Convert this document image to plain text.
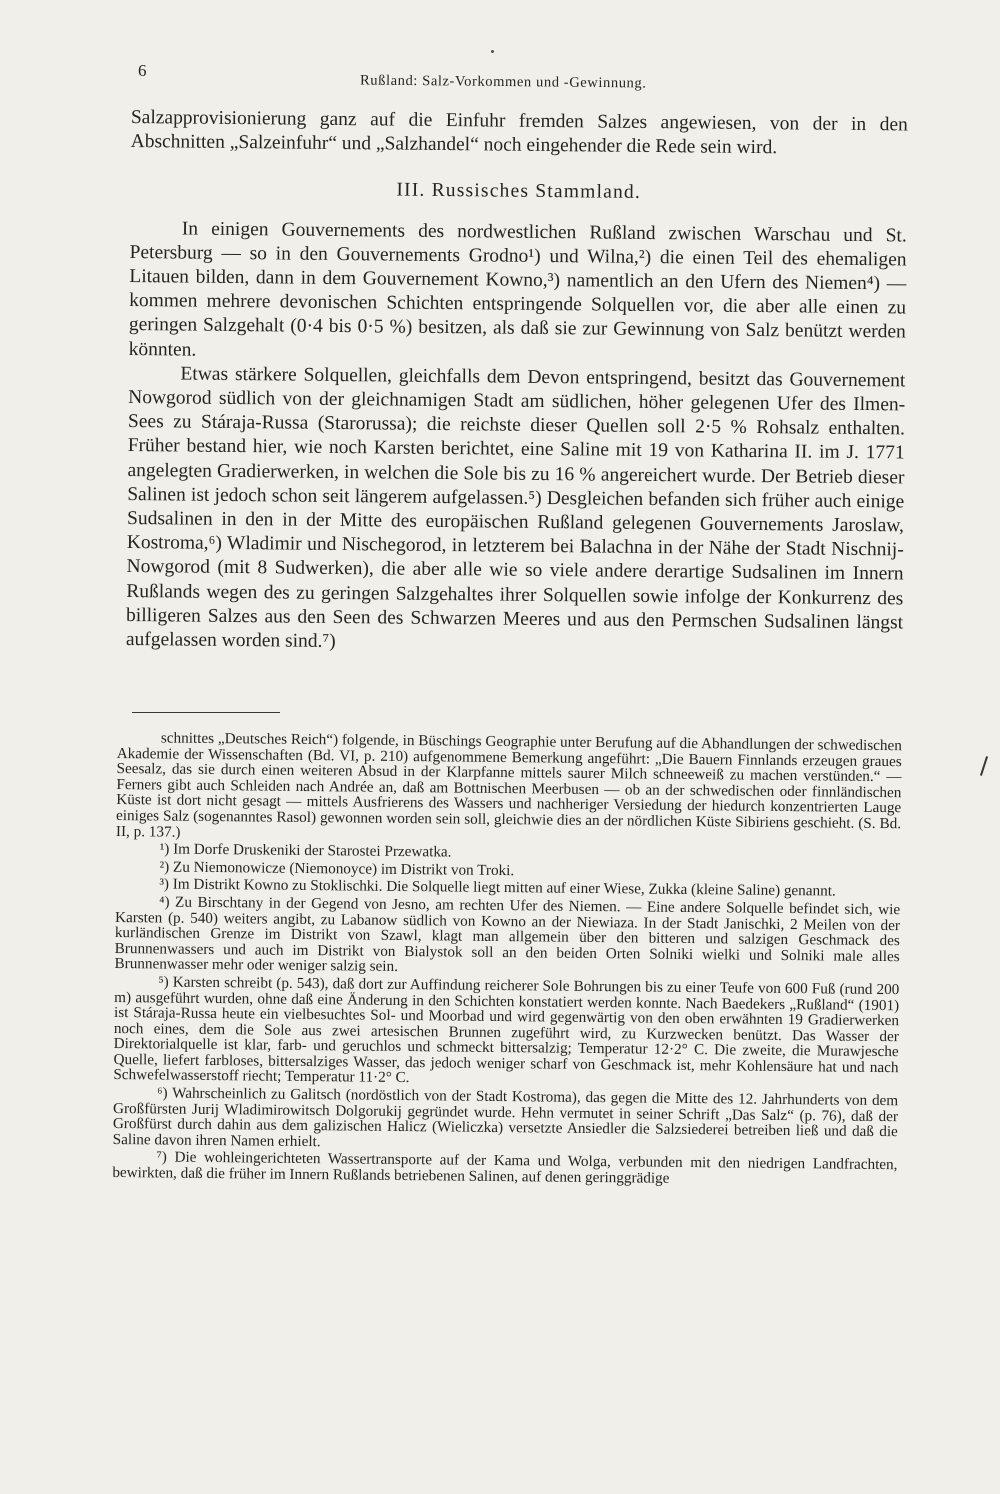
6
Rußland: Salz-Vorkommen und -Gewinnung.

Salzapprovisionierung ganz auf die Einfuhr fremden Salzes angewiesen, von der in den Abschnitten „Salzeinfuhr“ und „Salzhandel“ noch eingehender die Rede sein wird.

III. Russisches Stammland.

In einigen Gouvernements des nordwestlichen Rußland zwischen Warschau und St. Petersburg — so in den Gouvernements Grodno¹) und Wilna,²) die einen Teil des ehemaligen Litauen bilden, dann in dem Gouvernement Kowno,³) namentlich an den Ufern des Niemen⁴) — kommen mehrere devonischen Schichten entspringende Solquellen vor, die aber alle einen zu geringen Salzgehalt (0·4 bis 0·5 %) besitzen, als daß sie zur Gewinnung von Salz benützt werden könnten.

Etwas stärkere Solquellen, gleichfalls dem Devon entspringend, besitzt das Gouvernement Nowgorod südlich von der gleichnamigen Stadt am südlichen, höher gelegenen Ufer des Ilmen-Sees zu Stáraja-Russa (Starorussa); die reichste dieser Quellen soll 2·5 % Rohsalz enthalten. Früher bestand hier, wie noch Karsten berichtet, eine Saline mit 19 von Katharina II. im J. 1771 angelegten Gradierwerken, in welchen die Sole bis zu 16 % angereichert wurde. Der Betrieb dieser Salinen ist jedoch schon seit längerem aufgelassen.⁵) Desgleichen befanden sich früher auch einige Sudsalinen in den in der Mitte des europäischen Rußland gelegenen Gouvernements Jaroslaw, Kostroma,⁶) Wladimir und Nischegorod, in letzterem bei Balachna in der Nähe der Stadt Nischnij-Nowgorod (mit 8 Sudwerken), die aber alle wie so viele andere derartige Sudsalinen im Innern Rußlands wegen des zu geringen Salzgehaltes ihrer Solquellen sowie infolge der Konkurrenz des billigeren Salzes aus den Seen des Schwarzen Meeres und aus den Permschen Sudsalinen längst aufgelassen worden sind.⁷)

schnittes „Deutsches Reich“) folgende, in Büschings Geographie unter Berufung auf die Abhandlungen der schwedischen Akademie der Wissenschaften (Bd. VI, p. 210) aufgenommene Bemerkung angeführt: „Die Bauern Finnlands erzeugen graues Seesalz, das sie durch einen weiteren Absud in der Klarpfanne mittels saurer Milch schneeweiß zu machen verstünden.“ — Ferners gibt auch Schleiden nach Andrée an, daß am Bottnischen Meerbusen — ob an der schwedischen oder finnländischen Küste ist dort nicht gesagt — mittels Ausfrierens des Wassers und nachheriger Versiedung der hiedurch konzentrierten Lauge einiges Salz (sogenanntes Rasol) gewonnen worden sein soll, gleichwie dies an der nördlichen Küste Sibiriens geschieht. (S. Bd. II, p. 137.)

¹) Im Dorfe Druskeniki der Starostei Przewatka.

²) Zu Niemonowicze (Niemonoyce) im Distrikt von Troki.

³) Im Distrikt Kowno zu Stoklischki. Die Solquelle liegt mitten auf einer Wiese, Zukka (kleine Saline) genannt.

⁴) Zu Birschtany in der Gegend von Jesno, am rechten Ufer des Niemen. — Eine andere Solquelle befindet sich, wie Karsten (p. 540) weiters angibt, zu Labanow südlich von Kowno an der Niewiaza. In der Stadt Janischki, 2 Meilen von der kurländischen Grenze im Distrikt von Szawl, klagt man allgemein über den bitteren und salzigen Geschmack des Brunnenwassers und auch im Distrikt von Bialystok soll an den beiden Orten Solniki wielki und Solniki male alles Brunnenwasser mehr oder weniger salzig sein.

⁵) Karsten schreibt (p. 543), daß dort zur Auffindung reicherer Sole Bohrungen bis zu einer Teufe von 600 Fuß (rund 200 m) ausgeführt wurden, ohne daß eine Änderung in den Schichten konstatiert werden konnte. Nach Baedekers „Rußland“ (1901) ist Stáraja-Russa heute ein vielbesuchtes Sol- und Moorbad und wird gegenwärtig von den oben erwähnten 19 Gradierwerken noch eines, dem die Sole aus zwei artesischen Brunnen zugeführt wird, zu Kurzwecken benützt. Das Wasser der Direktorialquelle ist klar, farb- und geruchlos und schmeckt bittersalzig; Temperatur 12·2° C. Die zweite, die Murawjesche Quelle, liefert farbloses, bittersalziges Wasser, das jedoch weniger scharf von Geschmack ist, mehr Kohlensäure hat und nach Schwefelwasserstoff riecht; Temperatur 11·2° C.

⁶) Wahrscheinlich zu Galitsch (nordöstlich von der Stadt Kostroma), das gegen die Mitte des 12. Jahrhunderts von dem Großfürsten Jurij Wladimirowitsch Dolgorukij gegründet wurde. Hehn vermutet in seiner Schrift „Das Salz“ (p. 76), daß der Großfürst durch dahin aus dem galizischen Halicz (Wieliczka) versetzte Ansiedler die Salzsiederei betreiben ließ und daß die Saline davon ihren Namen erhielt.

⁷) Die wohleingerichteten Wassertransporte auf der Kama und Wolga, verbunden mit den niedrigen Landfrachten, bewirkten, daß die früher im Innern Rußlands betriebenen Salinen, auf denen geringgrädige
